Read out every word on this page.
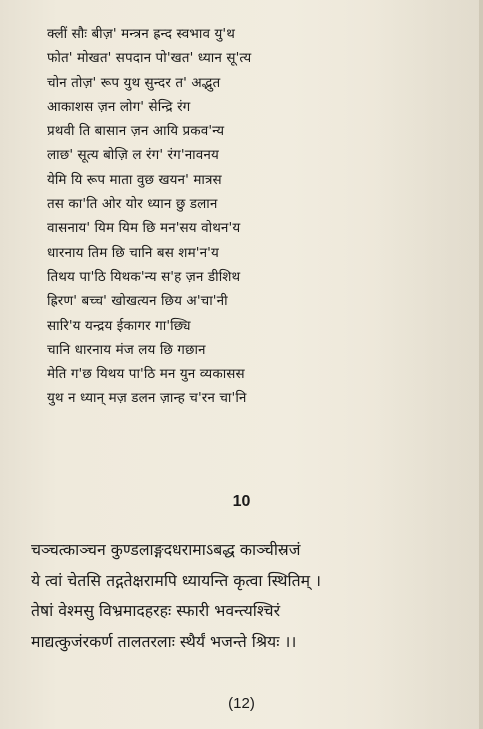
क्लीं सौः बीज़' मन्त्रन ह्रन्द स्वभाव यु'थ
फोत' मोखत' सपदान पो'खत' ध्यान सू'त्य
चोन तोज़' रूप युथ सुन्दर त' अद्भुत
आकाशस ज़न लोग' सेन्द्रि रंग
प्रथवी ति बासान ज़न आयि प्रकव'न्य
लाछ' सूत्य बोज़ि ल रंग' रंग'नावनय
येमि यि रूप माता वुछ खयन' मात्रस
तस का'ति ओर योर ध्यान छु डलान
वासनाय' यिम यिम छि मन'सय वोथन'य
धारनाय तिम छि चानि बस शम'न'य
तिथय पा'ठि यिथक'न्य स'ह ज़न डीशिथ
ह्रिरण' बच्च' खोखत्यन छिय अ'चा'नी
सारि'य यन्द्रय ईकागर गा'छ्यि
चानि धारनाय मंज लय छि गछान
मेति ग'छ यिथय पा'ठि मन युन व्यकासस
युथ न ध्यान् मज़ डलन ज़ान्ह च'रन चा'नि
10
चञ्चत्काञ्चन कुण्डलाङ्गदधरामाऽबद्ध काञ्चीस्रजं
ये त्वां चेतसि तद्गतेक्षरामपि ध्यायन्ति कृत्वा स्थितिम् ।
तेषां वेश्मसु विभ्रमादहरहः स्फारी भवन्त्यश्चिरं
माद्यत्कुजंरकर्ण तालतरलाः स्थैर्यं भजन्ते श्रियः ।।
(12)
